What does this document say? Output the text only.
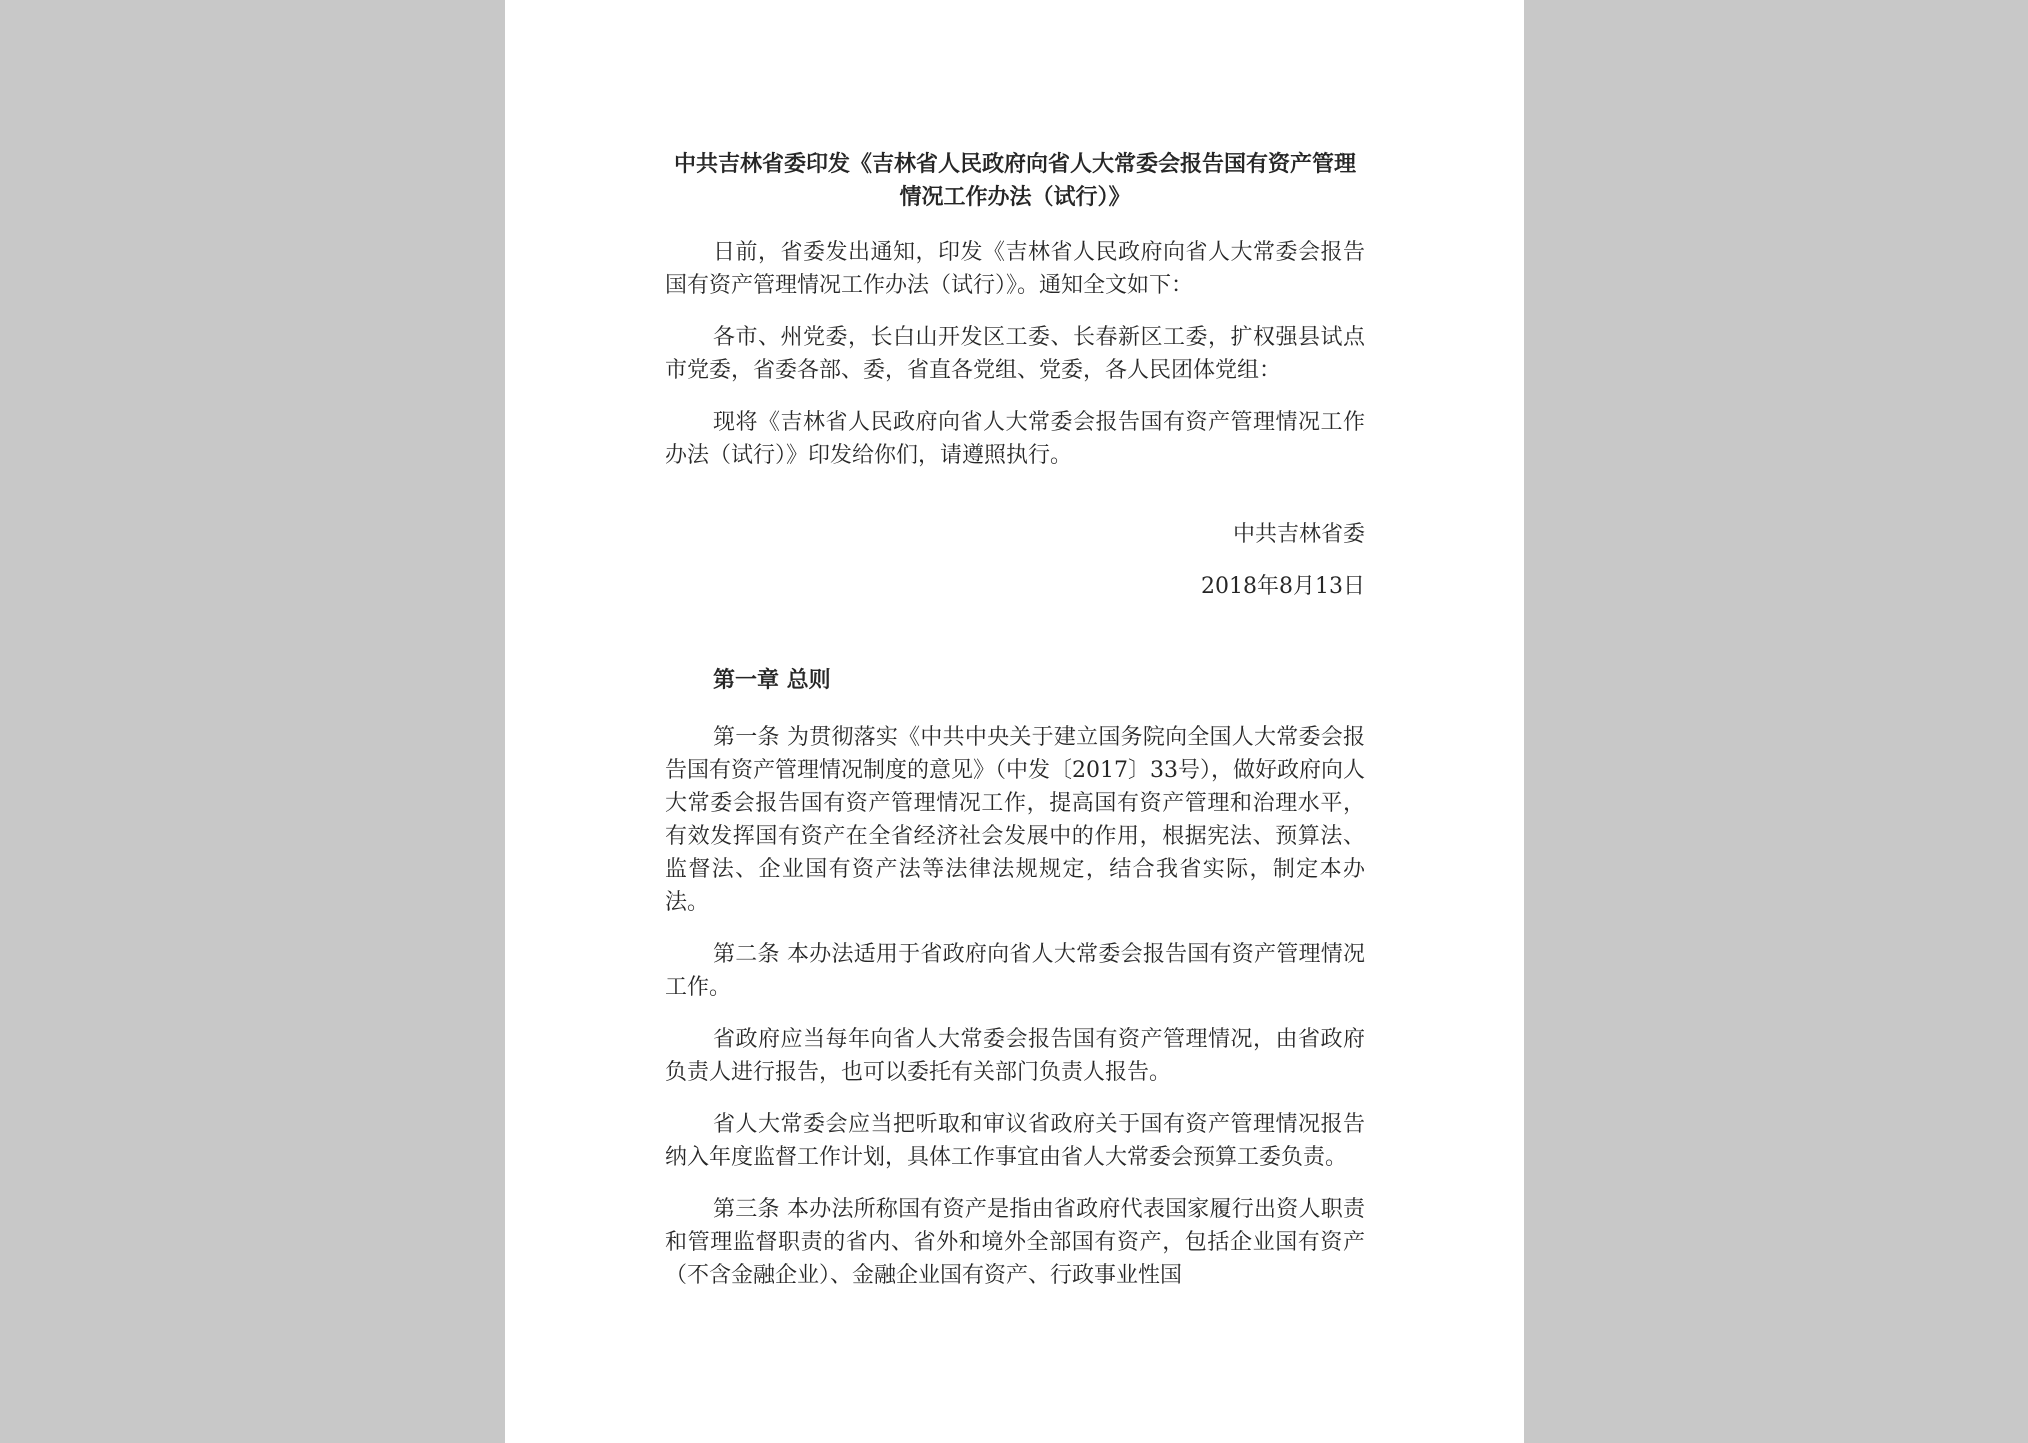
中共吉林省委印发《吉林省人民政府向省人大常委会报告国有资产管理情况工作办法（试行）》

日前，省委发出通知，印发《吉林省人民政府向省人大常委会报告国有资产管理情况工作办法（试行）》。通知全文如下：

各市、州党委，长白山开发区工委、长春新区工委，扩权强县试点市党委，省委各部、委，省直各党组、党委，各人民团体党组：

现将《吉林省人民政府向省人大常委会报告国有资产管理情况工作办法（试行）》印发给你们，请遵照执行。

中共吉林省委

2018年8月13日

第一章 总则

第一条 为贯彻落实《中共中央关于建立国务院向全国人大常委会报告国有资产管理情况制度的意见》（中发〔2017〕33号），做好政府向人大常委会报告国有资产管理情况工作，提高国有资产管理和治理水平，有效发挥国有资产在全省经济社会发展中的作用，根据宪法、预算法、监督法、企业国有资产法等法律法规规定，结合我省实际，制定本办法。

第二条 本办法适用于省政府向省人大常委会报告国有资产管理情况工作。

省政府应当每年向省人大常委会报告国有资产管理情况，由省政府负责人进行报告，也可以委托有关部门负责人报告。

省人大常委会应当把听取和审议省政府关于国有资产管理情况报告纳入年度监督工作计划，具体工作事宜由省人大常委会预算工委负责。

第三条 本办法所称国有资产是指由省政府代表国家履行出资人职责和管理监督职责的省内、省外和境外全部国有资产，包括企业国有资产（不含金融企业）、金融企业国有资产、行政事业性国
